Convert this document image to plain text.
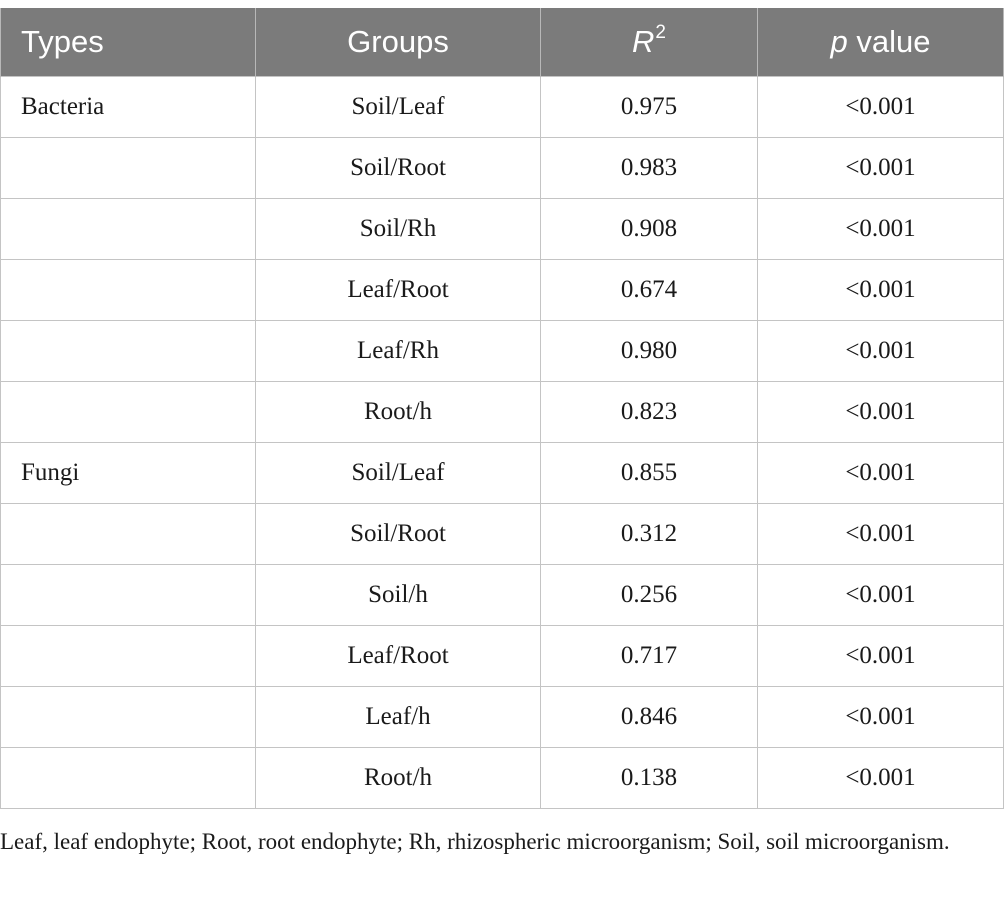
Types	Groups	$R^2$	p value
Bacteria	Soil/Leaf	0.975	<0.001
	Soil/Root	0.983	<0.001
	Soil/Rh	0.908	<0.001
	Leaf/Root	0.674	<0.001
	Leaf/Rh	0.980	<0.001
	Root/h	0.823	<0.001
Fungi	Soil/Leaf	0.855	<0.001
	Soil/Root	0.312	<0.001
	Soil/h	0.256	<0.001
	Leaf/Root	0.717	<0.001
	Leaf/h	0.846	<0.001
	Root/h	0.138	<0.001

Leaf, leaf endophyte; Root, root endophyte; Rh, rhizospheric microorganism; Soil, soil microorganism.
